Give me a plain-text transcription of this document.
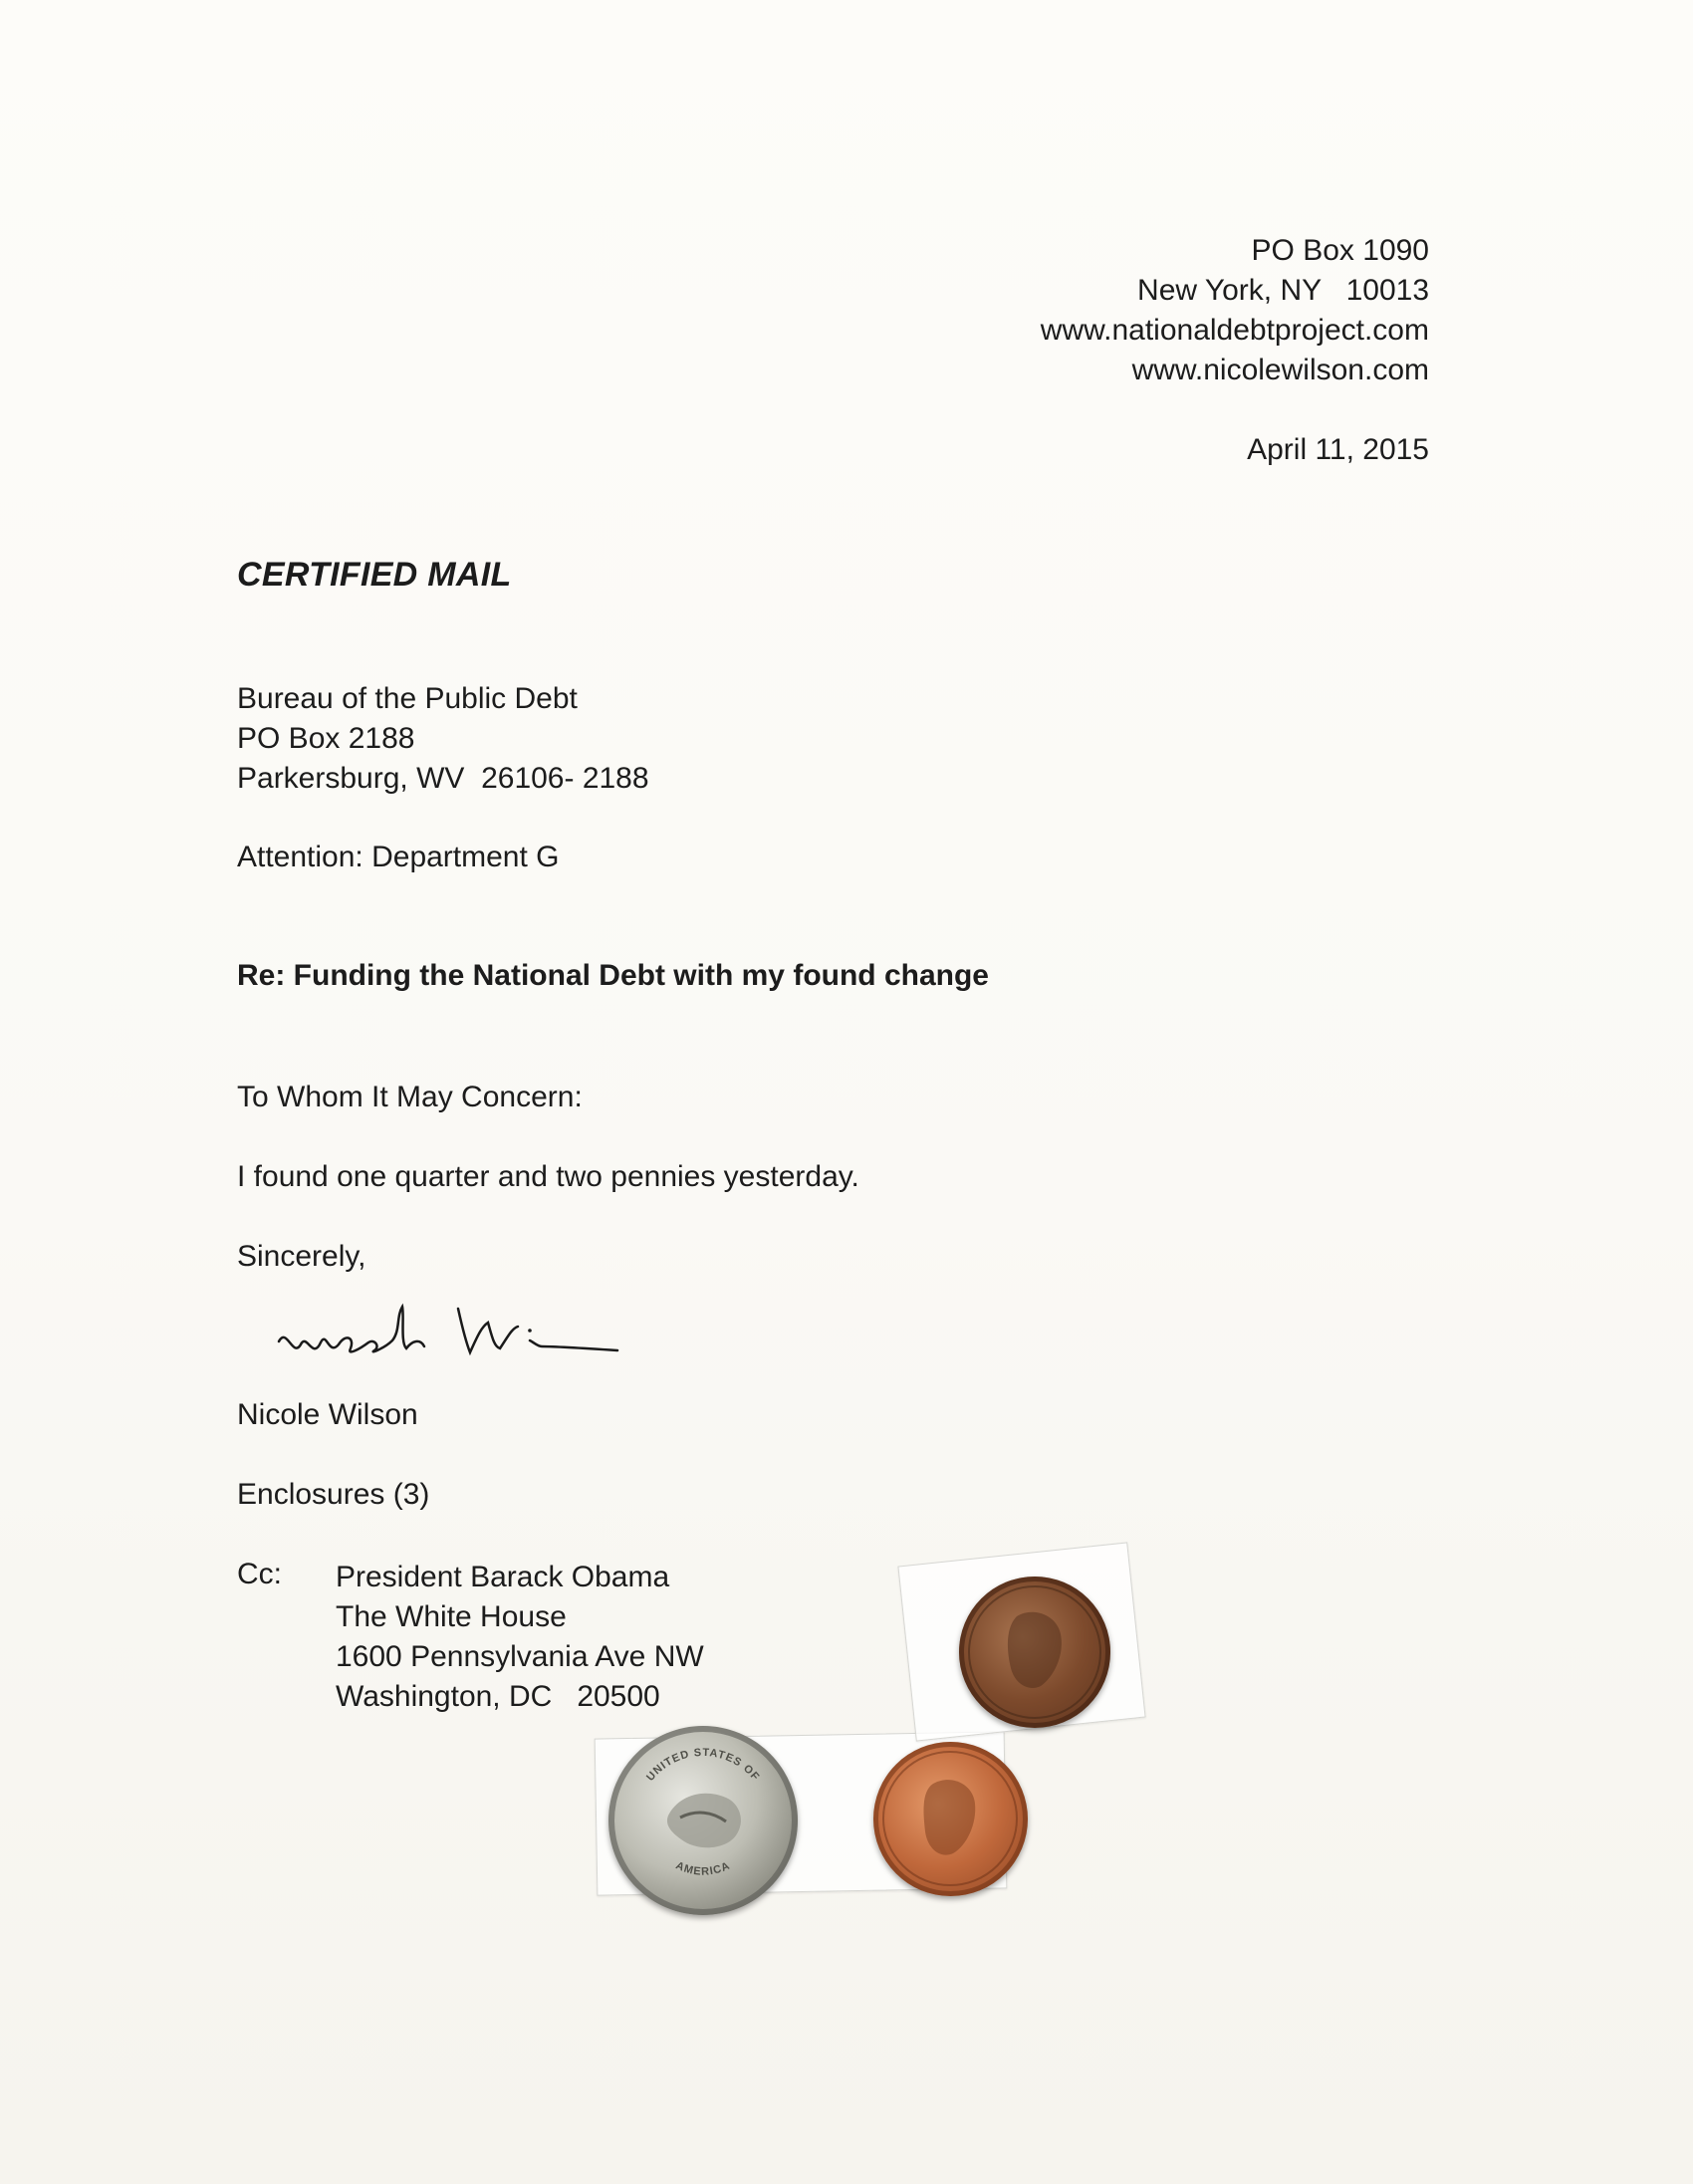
PO Box 1090
New York, NY   10013
www.nationaldebtproject.com
www.nicolewilson.com
April 11, 2015
CERTIFIED MAIL
Bureau of the Public Debt
PO Box 2188
Parkersburg, WV  26106- 2188
Attention: Department G
Re: Funding the National Debt with my found change
To Whom It May Concern:
I found one quarter and two pennies yesterday.
Sincerely,
Nicole Wilson
Enclosures (3)
Cc: President Barack Obama
The White House
1600 Pennsylvania Ave NW
Washington, DC   20500
UNITED STATES OF
AMERICA
